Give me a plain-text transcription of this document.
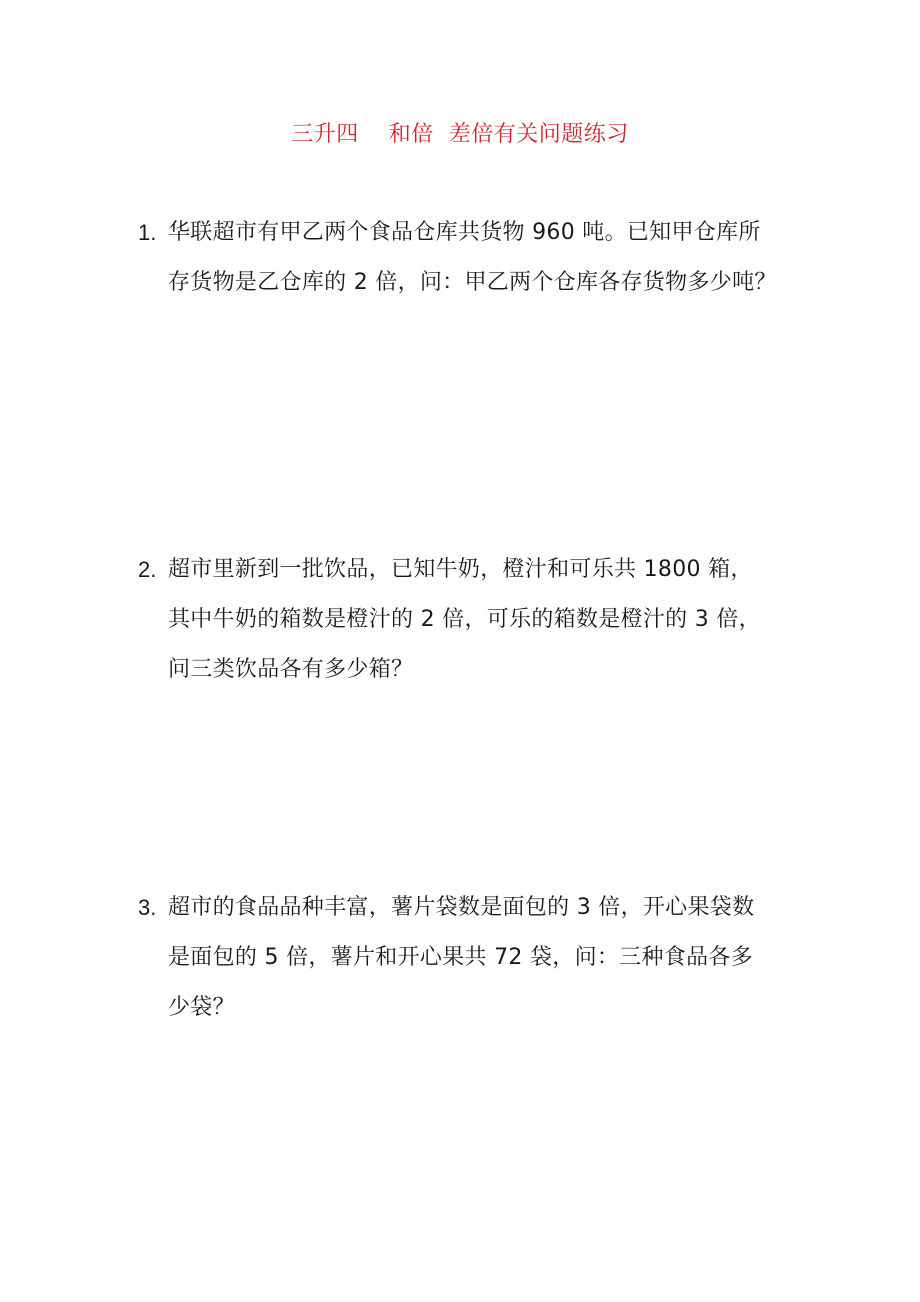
三升四    和倍  差倍有关问题练习
1. 华联超市有甲乙两个食品仓库共货物 960 吨。已知甲仓库所
存货物是乙仓库的 2 倍，问：甲乙两个仓库各存货物多少吨？
2. 超市里新到一批饮品，已知牛奶，橙汁和可乐共 1800 箱，
其中牛奶的箱数是橙汁的 2 倍，可乐的箱数是橙汁的 3 倍，
问三类饮品各有多少箱？
3. 超市的食品品种丰富，薯片袋数是面包的 3 倍，开心果袋数
是面包的 5 倍，薯片和开心果共 72 袋，问：三种食品各多
少袋？
